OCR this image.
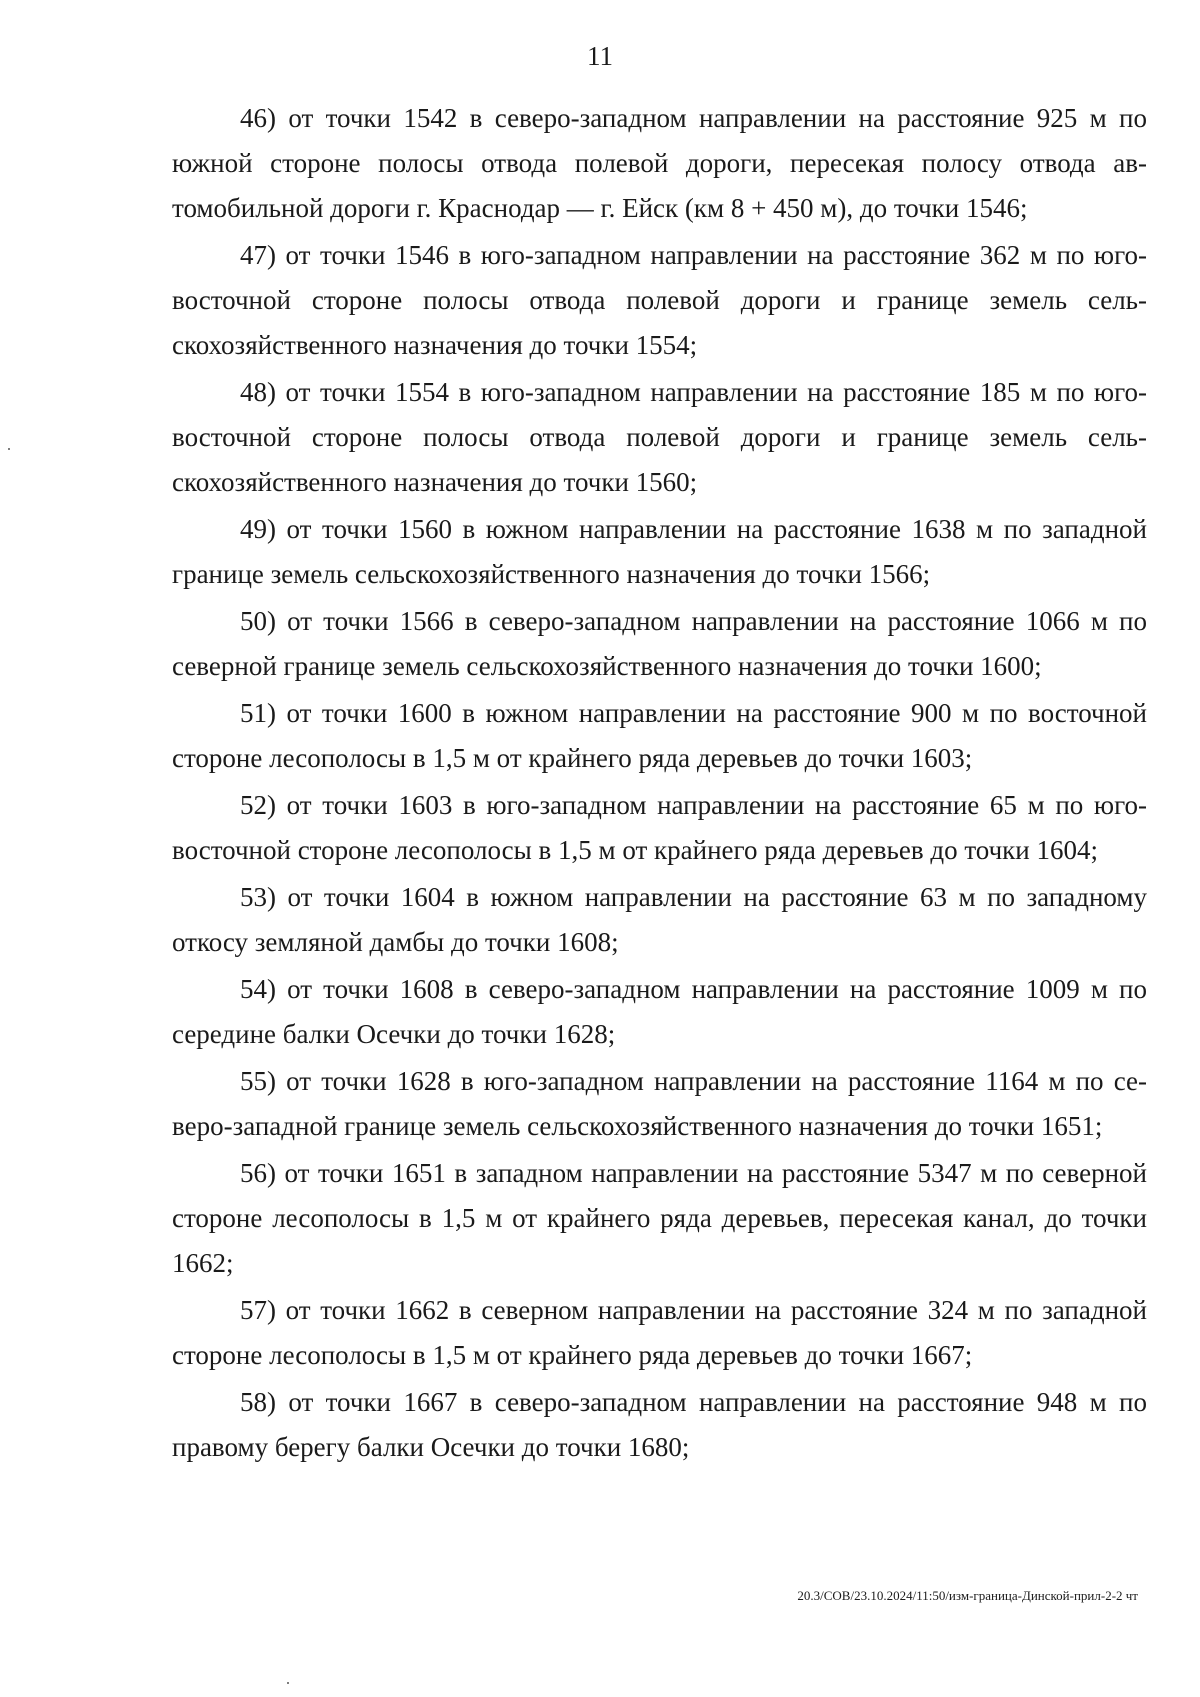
11

46) от точки 1542 в северо-западном направлении на расстояние 925 м по южной стороне полосы отвода полевой дороги, пересекая полосу отвода автомобильной дороги г. Краснодар — г. Ейск (км 8 + 450 м), до точки 1546;

47) от точки 1546 в юго-западном направлении на расстояние 362 м по юго-восточной стороне полосы отвода полевой дороги и границе земель сельскохозяйственного назначения до точки 1554;

48) от точки 1554 в юго-западном направлении на расстояние 185 м по юго-восточной стороне полосы отвода полевой дороги и границе земель сельскохозяйственного назначения до точки 1560;

49) от точки 1560 в южном направлении на расстояние 1638 м по западной границе земель сельскохозяйственного назначения до точки 1566;

50) от точки 1566 в северо-западном направлении на расстояние 1066 м по северной границе земель сельскохозяйственного назначения до точки 1600;

51) от точки 1600 в южном направлении на расстояние 900 м по восточной стороне лесополосы в 1,5 м от крайнего ряда деревьев до точки 1603;

52) от точки 1603 в юго-западном направлении на расстояние 65 м по юго-восточной стороне лесополосы в 1,5 м от крайнего ряда деревьев до точки 1604;

53) от точки 1604 в южном направлении на расстояние 63 м по западному откосу земляной дамбы до точки 1608;

54) от точки 1608 в северо-западном направлении на расстояние 1009 м по середине балки Осечки до точки 1628;

55) от точки 1628 в юго-западном направлении на расстояние 1164 м по северо-западной границе земель сельскохозяйственного назначения до точки 1651;

56) от точки 1651 в западном направлении на расстояние 5347 м по северной стороне лесополосы в 1,5 м от крайнего ряда деревьев, пересекая канал, до точки 1662;

57) от точки 1662 в северном направлении на расстояние 324 м по западной стороне лесополосы в 1,5 м от крайнего ряда деревьев до точки 1667;

58) от точки 1667 в северо-западном направлении на расстояние 948 м по правому берегу балки Осечки до точки 1680;

20.3/СОВ/23.10.2024/11:50/изм-граница-Динской-прил-2-2 чт
